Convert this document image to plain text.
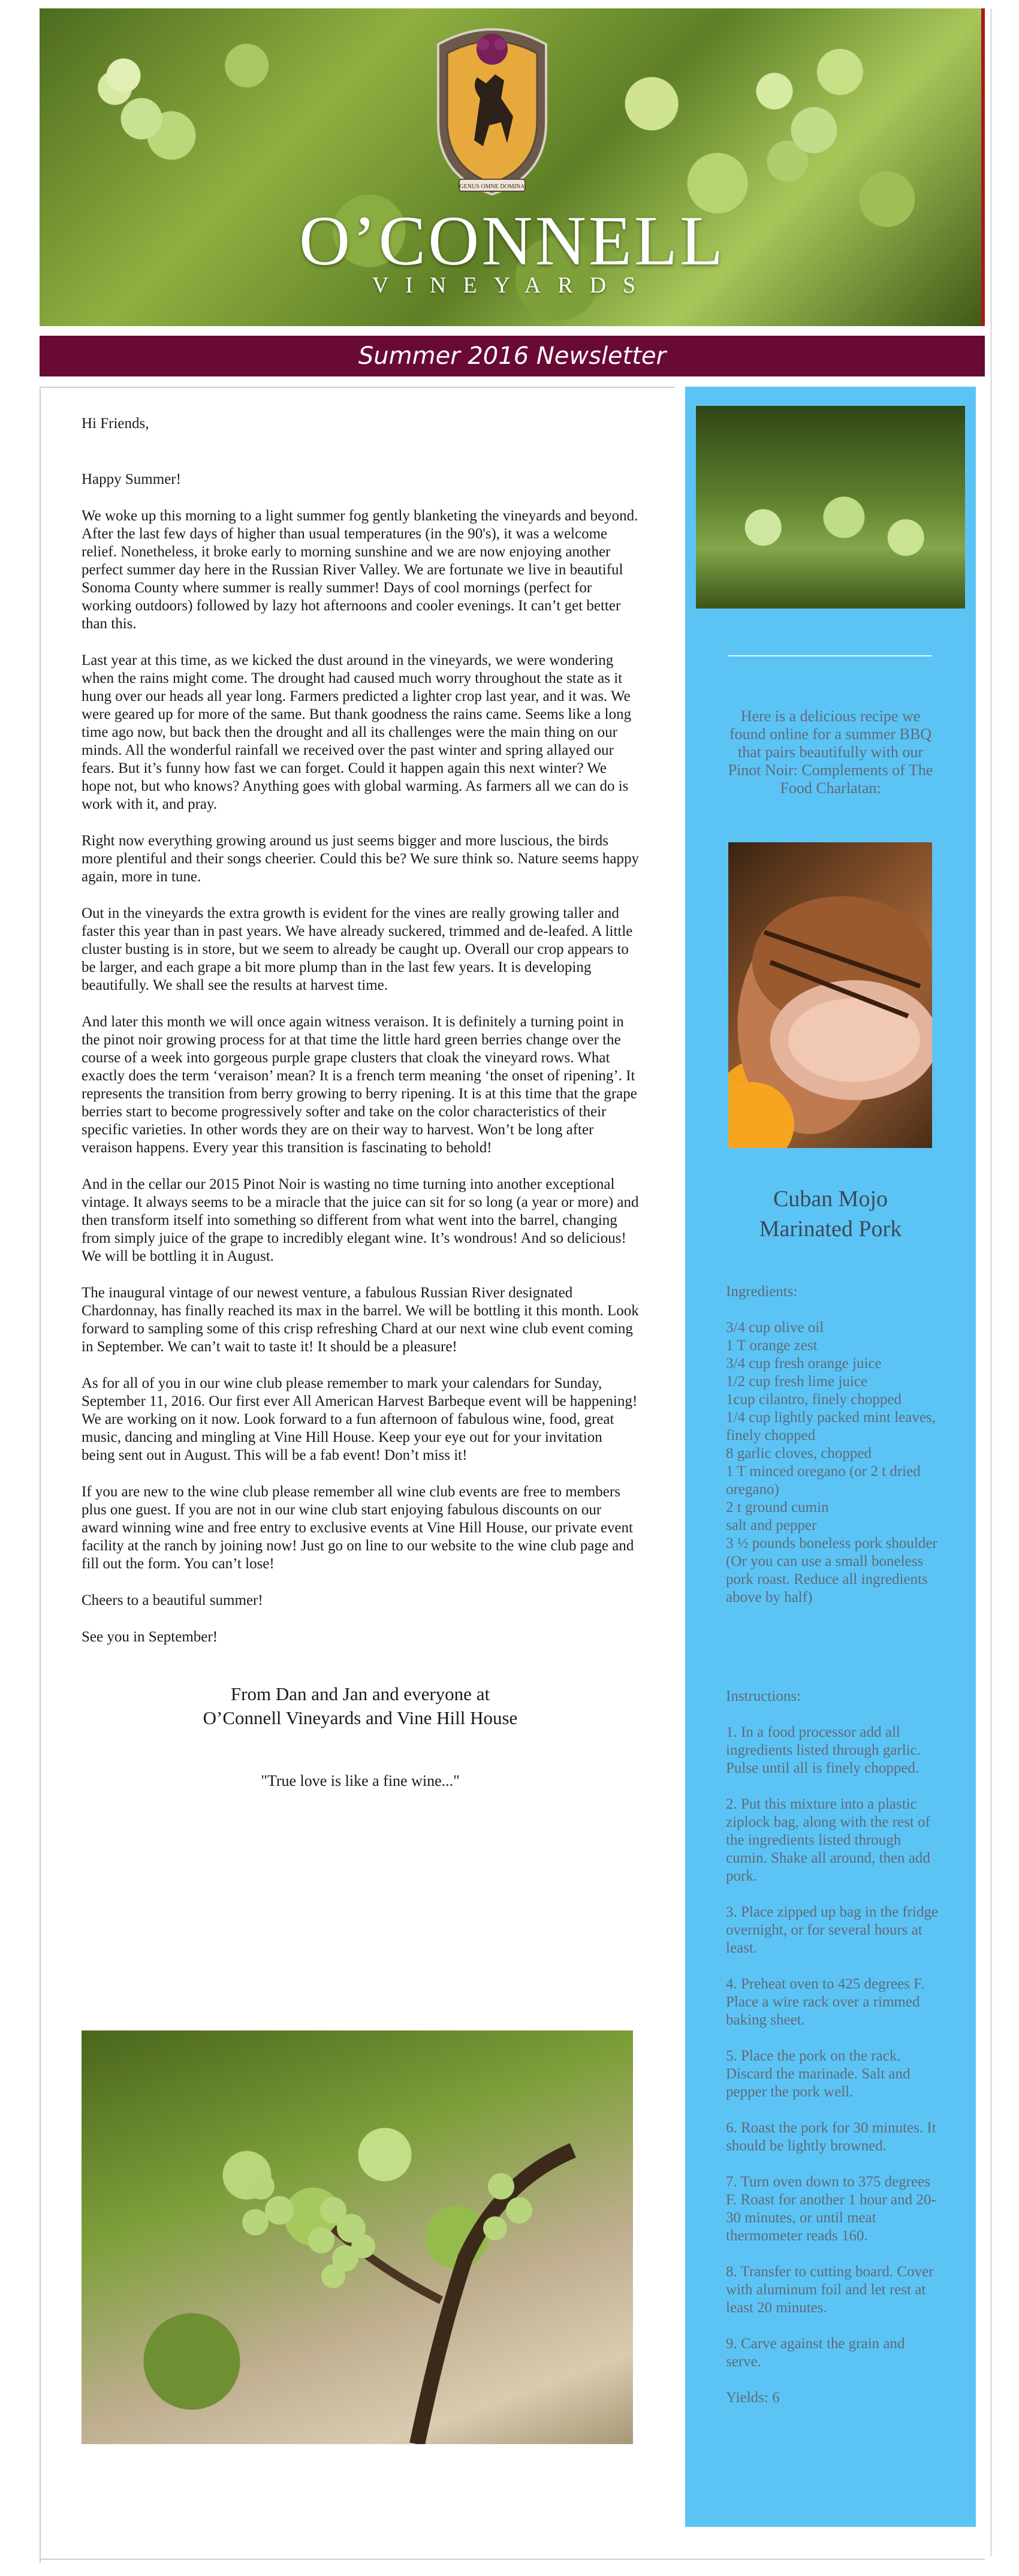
GENUS OMNE DOMINA
O’CONNELL
VINEYARDS
Summer 2016 Newsletter

Hi Friends,

Happy Summer!

We woke up this morning to a light summer fog gently blanketing the vineyards and beyond. After the last few days of higher than usual temperatures (in the 90's), it was a welcome relief. Nonetheless, it broke early to morning sunshine and we are now enjoying another perfect summer day here in the Russian River Valley. We are fortunate we live in beautiful Sonoma County where summer is really summer! Days of cool mornings (perfect for working outdoors) followed by lazy hot afternoons and cooler evenings. It can’t get better than this.

Last year at this time, as we kicked the dust around in the vineyards, we were wondering when the rains might come. The drought had caused much worry throughout the state as it hung over our heads all year long. Farmers predicted a lighter crop last year, and it was. We were geared up for more of the same. But thank goodness the rains came. Seems like a long time ago now, but back then the drought and all its challenges were the main thing on our minds. All the wonderful rainfall we received over the past winter and spring allayed our fears. But it’s funny how fast we can forget. Could it happen again this next winter? We hope not, but who knows? Anything goes with global warming. As farmers all we can do is work with it, and pray.

Right now everything growing around us just seems bigger and more luscious, the birds more plentiful and their songs cheerier. Could this be? We sure think so. Nature seems happy again, more in tune.

Out in the vineyards the extra growth is evident for the vines are really growing taller and faster this year than in past years. We have already suckered, trimmed and de-leafed. A little cluster busting is in store, but we seem to already be caught up. Overall our crop appears to be larger, and each grape a bit more plump than in the last few years. It is developing beautifully. We shall see the results at harvest time.

And later this month we will once again witness veraison. It is definitely a turning point in the pinot noir growing process for at that time the little hard green berries change over the course of a week into gorgeous purple grape clusters that cloak the vineyard rows. What exactly does the term ‘veraison’ mean? It is a french term meaning ‘the onset of ripening’. It represents the transition from berry growing to berry ripening. It is at this time that the grape berries start to become progressively softer and take on the color characteristics of their specific varieties. In other words they are on their way to harvest. Won’t be long after veraison happens. Every year this transition is fascinating to behold!

And in the cellar our 2015 Pinot Noir is wasting no time turning into another exceptional vintage. It always seems to be a miracle that the juice can sit for so long (a year or more) and then transform itself into something so different from what went into the barrel, changing from simply juice of the grape to incredibly elegant wine. It’s wondrous! And so delicious! We will be bottling it in August.

The inaugural vintage of our newest venture, a fabulous Russian River designated Chardonnay, has finally reached its max in the barrel. We will be bottling it this month. Look forward to sampling some of this crisp refreshing Chard at our next wine club event coming in September. We can’t wait to taste it! It should be a pleasure!

As for all of you in our wine club please remember to mark your calendars for Sunday, September 11, 2016. Our first ever All American Harvest Barbeque event will be happening! We are working on it now. Look forward to a fun afternoon of fabulous wine, food, great music, dancing and mingling at Vine Hill House. Keep your eye out for your invitation being sent out in August. This will be a fab event! Don’t miss it!

If you are new to the wine club please remember all wine club events are free to members plus one guest. If you are not in our wine club start enjoying fabulous discounts on our award winning wine and free entry to exclusive events at Vine Hill House, our private event facility at the ranch by joining now! Just go on line to our website to the wine club page and fill out the form. You can’t lose!

Cheers to a beautiful summer!

See you in September!

From Dan and Jan and everyone at
O’Connell Vineyards and Vine Hill House
"True love is like a fine wine..."
Here is a delicious recipe we found online for a summer BBQ that pairs beautifully with our Pinot Noir: Complements of The Food Charlatan:
Cuban Mojo
Marinated Pork

Ingredients:

3/4 cup olive oil
1 T orange zest
3/4 cup fresh orange juice
1/2 cup fresh lime juice
1cup cilantro, finely chopped
1/4 cup lightly packed mint leaves, finely chopped
8 garlic cloves, chopped
1 T minced oregano (or 2 t dried oregano)
2 t ground cumin
salt and pepper
3 ½ pounds boneless pork shoulder
(Or you can use a small boneless pork roast. Reduce all ingredients above by half)

Instructions:

1. In a food processor add all ingredients listed through garlic. Pulse until all is finely chopped.

2. Put this mixture into a plastic ziplock bag, along with the rest of the ingredients listed through cumin. Shake all around, then add pork.

3. Place zipped up bag in the fridge overnight, or for several hours at least.

4. Preheat oven to 425 degrees F. Place a wire rack over a rimmed baking sheet.

5. Place the pork on the rack. Discard the marinade. Salt and pepper the pork well.

6. Roast the pork for 30 minutes. It should be lightly browned.

7. Turn oven down to 375 degrees F. Roast for another 1 hour and 20-30 minutes, or until meat thermometer reads 160.

8. Transfer to cutting board. Cover with aluminum foil and let rest at least 20 minutes.

9. Carve against the grain and serve.

Yields: 6
